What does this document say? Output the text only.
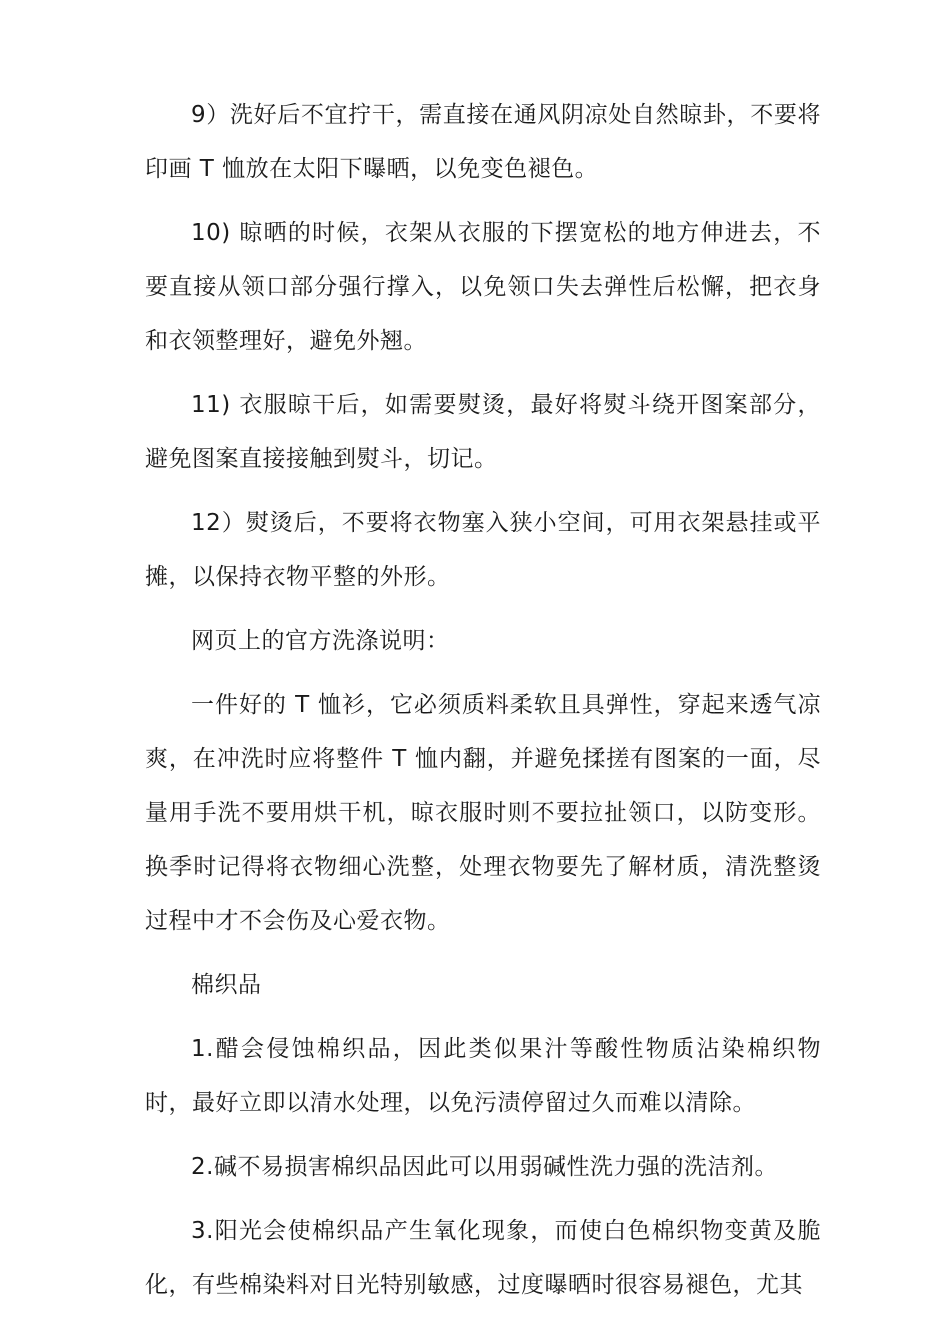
9）洗好后不宜拧干，需直接在通风阴凉处自然晾卦，不要将印画 T 恤放在太阳下曝晒，以免变色褪色。

10) 晾晒的时候，衣架从衣服的下摆宽松的地方伸进去，不要直接从领口部分强行撑入，以免领口失去弹性后松懈，把衣身和衣领整理好，避免外翘。

11) 衣服晾干后，如需要熨烫，最好将熨斗绕开图案部分，避免图案直接接触到熨斗，切记。

12）熨烫后，不要将衣物塞入狭小空间，可用衣架悬挂或平摊，以保持衣物平整的外形。

网页上的官方洗涤说明：

一件好的 T 恤衫，它必须质料柔软且具弹性，穿起来透气凉爽，在冲洗时应将整件 T 恤内翻，并避免揉搓有图案的一面，尽量用手洗不要用烘干机，晾衣服时则不要拉扯领口，以防变形。换季时记得将衣物细心洗整，处理衣物要先了解材质，清洗整烫过程中才不会伤及心爱衣物。

棉织品

1.醋会侵蚀棉织品，因此类似果汁等酸性物质沾染棉织物时，最好立即以清水处理，以免污渍停留过久而难以清除。

2.碱不易损害棉织品因此可以用弱碱性洗力强的洗洁剂。

3.阳光会使棉织品产生氧化现象，而使白色棉织物变黄及脆化，有些棉染料对日光特别敏感，过度曝晒时很容易褪色，尤其
